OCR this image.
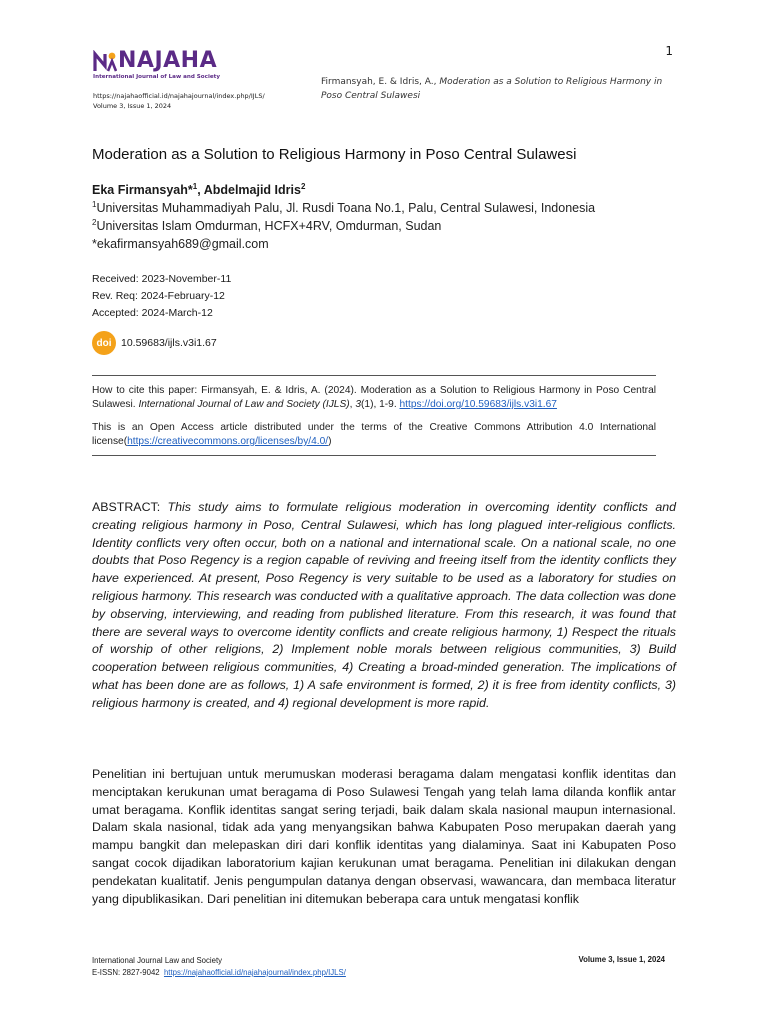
1
NAJAHA
International Journal of Law and Society
https://najahaofficial.id/najahajournal/index.php/IJLS/
Volume 3, Issue 1, 2024
Firmansyah, E. & Idris, A., Moderation as a Solution to Religious Harmony in Poso Central Sulawesi
Moderation as a Solution to Religious Harmony in Poso Central Sulawesi
Eka Firmansyah*$^1$, Abdelmajid Idris$^2$
$^1$Universitas Muhammadiyah Palu, Jl. Rusdi Toana No.1, Palu, Central Sulawesi, Indonesia
$^2$Universitas Islam Omdurman, HCFX+4RV, Omdurman, Sudan
*ekafirmansyah689@gmail.com
Received: 2023-November-11
Rev. Req: 2024-February-12
Accepted: 2024-March-12
doi 10.59683/ijls.v3i1.67

How to cite this paper: Firmansyah, E. & Idris, A. (2024). Moderation as a Solution to Religious Harmony in Poso Central Sulawesi. International Journal of Law and Society (IJLS), 3(1), 1-9. https://doi.org/10.59683/ijls.v3i1.67

This is an Open Access article distributed under the terms of the Creative Commons Attribution 4.0 International license(https://creativecommons.org/licenses/by/4.0/)

ABSTRACT: This study aims to formulate religious moderation in overcoming identity conflicts and creating religious harmony in Poso, Central Sulawesi, which has long plagued inter-religious conflicts. Identity conflicts very often occur, both on a national and international scale. On a national scale, no one doubts that Poso Regency is a region capable of reviving and freeing itself from the identity conflicts they have experienced. At present, Poso Regency is very suitable to be used as a laboratory for studies on religious harmony. This research was conducted with a qualitative approach. The data collection was done by observing, interviewing, and reading from published literature. From this research, it was found that there are several ways to overcome identity conflicts and create religious harmony, 1) Respect the rituals of worship of other religions, 2) Implement noble morals between religious communities, 3) Build cooperation between religious communities, 4) Creating a broad-minded generation. The implications of what has been done are as follows, 1) A safe environment is formed, 2) it is free from identity conflicts, 3) religious harmony is created, and 4) regional development is more rapid.
Penelitian ini bertujuan untuk merumuskan moderasi beragama dalam mengatasi konflik identitas dan menciptakan kerukunan umat beragama di Poso Sulawesi Tengah yang telah lama dilanda konflik antar umat beragama. Konflik identitas sangat sering terjadi, baik dalam skala nasional maupun internasional. Dalam skala nasional, tidak ada yang menyangsikan bahwa Kabupaten Poso merupakan daerah yang mampu bangkit dan melepaskan diri dari konflik identitas yang dialaminya. Saat ini Kabupaten Poso sangat cocok dijadikan laboratorium kajian kerukunan umat beragama. Penelitian ini dilakukan dengan pendekatan kualitatif. Jenis pengumpulan datanya dengan observasi, wawancara, dan membaca literatur yang dipublikasikan. Dari penelitian ini ditemukan beberapa cara untuk mengatasi konflik
International Journal Law and Society
E-ISSN: 2827-9042 https://najahaofficial.id/najahajournal/index.php/IJLS/
Volume 3, Issue 1, 2024
